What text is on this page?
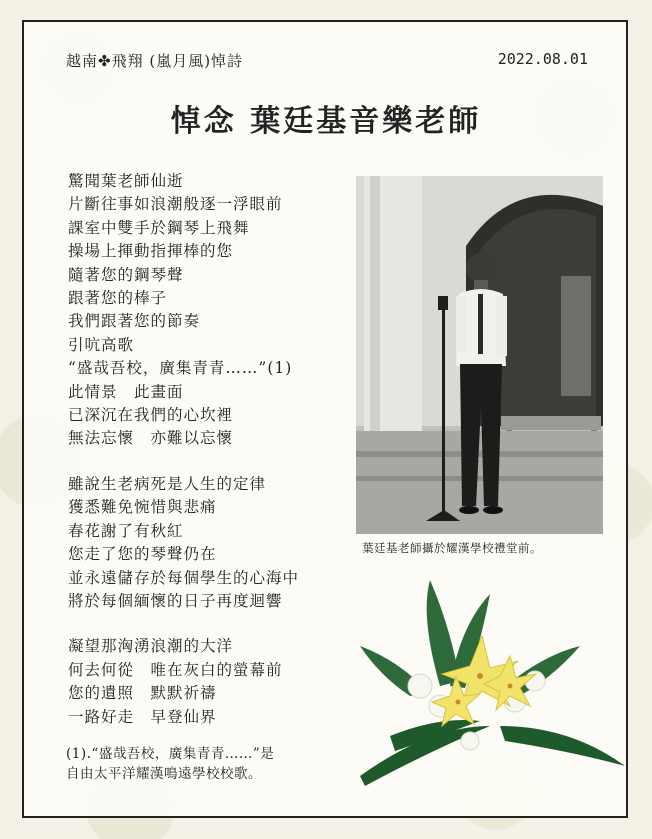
越南✤飛翔 (嵐月風)悼詩	2022.08.01
悼念 葉廷基音樂老師
驚聞葉老師仙逝
片斷往事如浪潮般逐一浮眼前
課室中雙手於鋼琴上飛舞
操場上揮動指揮棒的您
隨著您的鋼琴聲
跟著您的棒子
我們跟著您的節奏
引吭高歌
“盛哉吾校，廣集青青……”(1)
此情景　此畫面
已深沉在我們的心坎裡
無法忘懷　亦難以忘懷
雖說生老病死是人生的定律
獲悉難免惋惜與悲痛
春花謝了有秋紅
您走了您的琴聲仍在
並永遠儲存於每個學生的心海中
將於每個緬懷的日子再度迴響
凝望那洶湧浪潮的大洋
何去何從　唯在灰白的螢幕前
您的遺照　默默祈禱
一路好走　早登仙界
葉廷基老師攝於耀漢學校禮堂前。
(1).“盛哉吾校，廣集青青……”是
自由太平洋耀漢鳴遠學校校歌。
